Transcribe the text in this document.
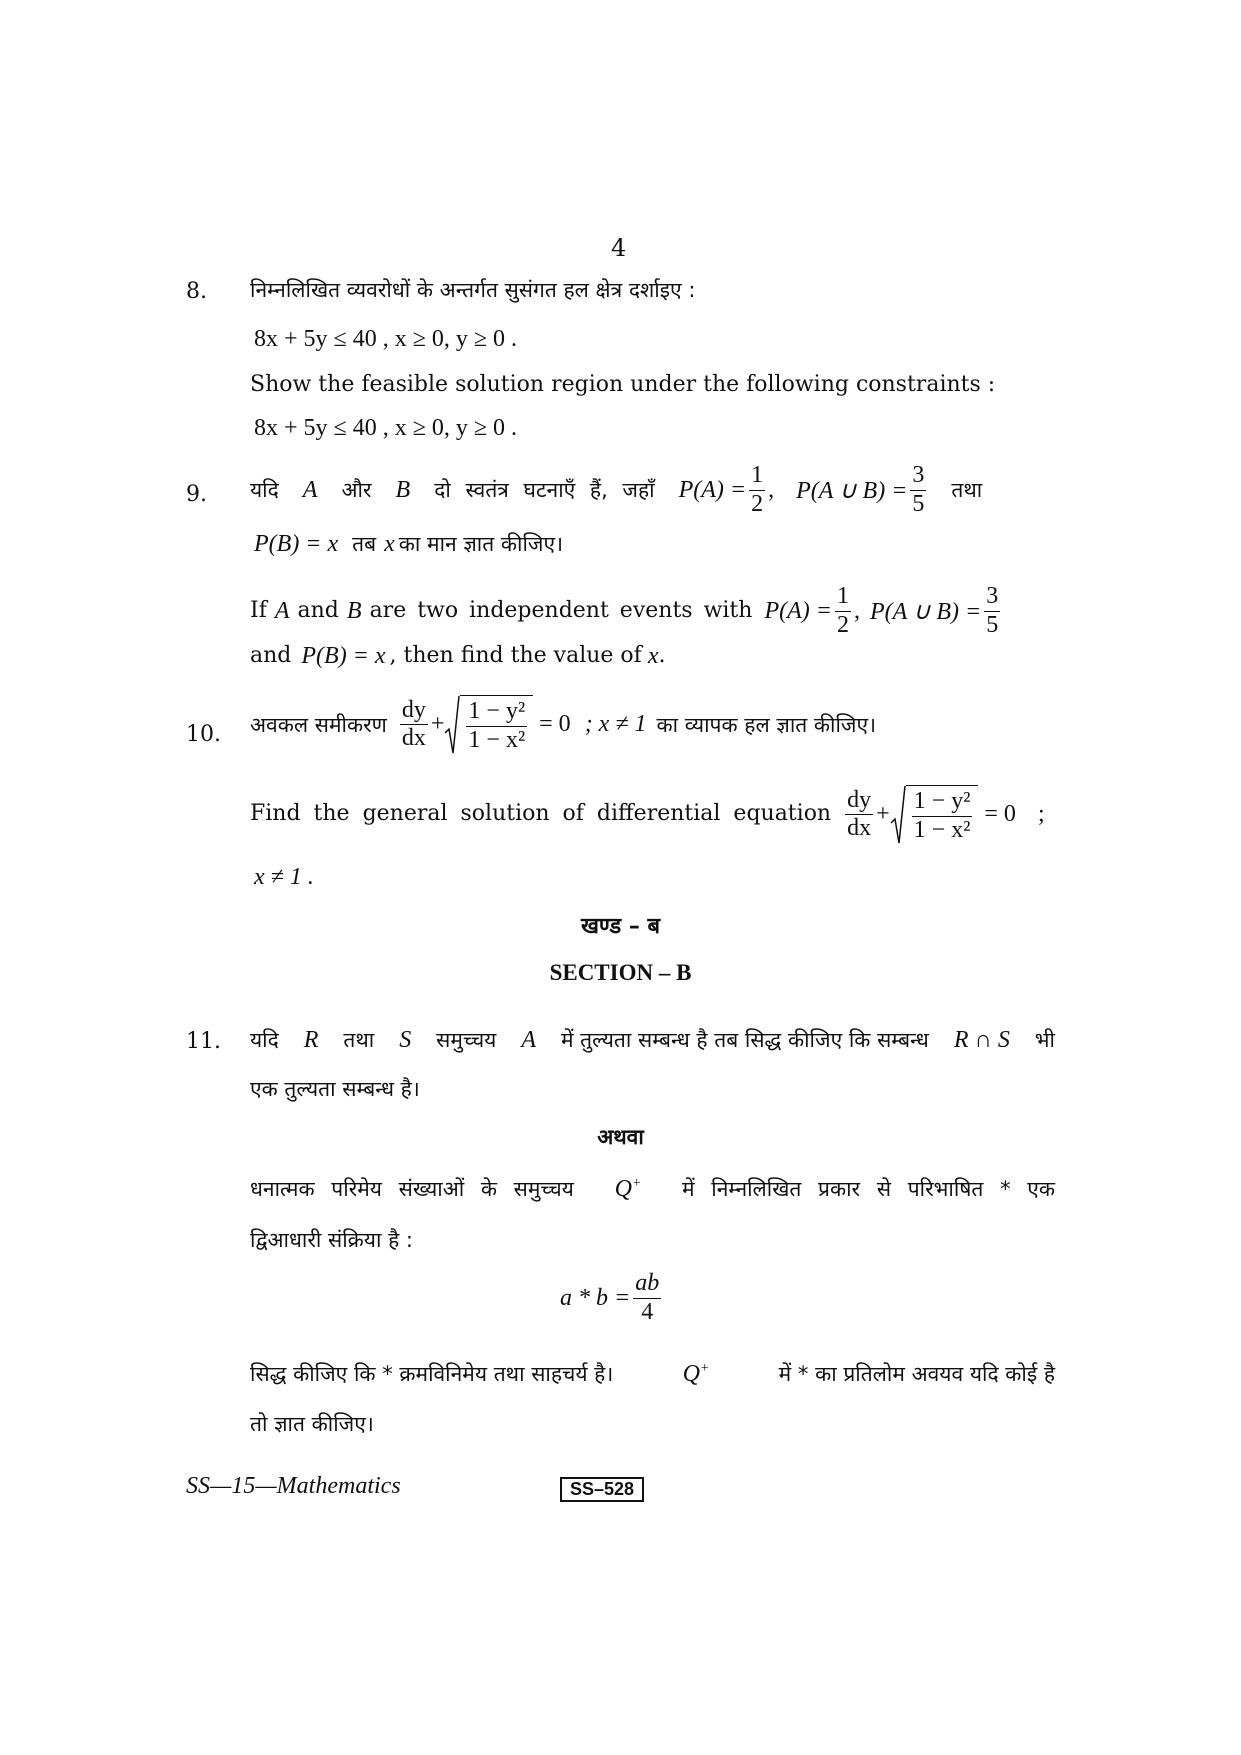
4
8. निम्नलिखित व्यवरोधों के अन्तर्गत सुसंगत हल क्षेत्र दर्शाइए :
8x + 5y ≤ 40 , x ≥ 0, y ≥ 0 .
Show the feasible solution region under the following constraints :
8x + 5y ≤ 40 , x ≥ 0, y ≥ 0 .
9. यदि A और B दो स्वतंत्र घटनाएँ हैं, जहाँ $P(A) = \frac{1}{2}$ , P(A ∪ $B) = \frac{3}{5}$ तथा
P(B) = x तब x का मान ज्ञात कीजिए।
If A and B are two independent events with $P(A) = \frac{1}{2}$ , P(A ∪ $B) = \frac{3}{5}$
and P(B) = x , then find the value of x .
10. अवकल समीकरण $\frac{dy}{dx} + \frac{\text{1 − y²}}{\text{1 − x²}} = 0$ ; x ≠ 1 का व्यापक हल ज्ञात कीजिए।
Find the general solution of differential equation $\frac{dy}{dx} + \frac{\text{1 − y²}}{\text{1 − x²}} = 0$ ;
x ≠ 1 .
खण्ड – ब
SECTION – B
11. यदि R तथा S समुच्चय A में तुल्यता सम्बन्ध है तब सिद्ध कीजिए कि सम्बन्ध R ∩ S भी
एक तुल्यता सम्बन्ध है।
अथवा
धनात्मक परिमेय संख्याओं के समुच्चय Q+ में निम्नलिखित प्रकार से परिभाषित * एक
द्विआधारी संक्रिया है :
$a * b = \frac{ab}{4}$
सिद्ध कीजिए कि * क्रमविनिमेय तथा साहचर्य है।	Q+	में * का प्रतिलोम अवयव यदि कोई है
तो ज्ञात कीजिए।
SS—15—Mathematics	SS–528
